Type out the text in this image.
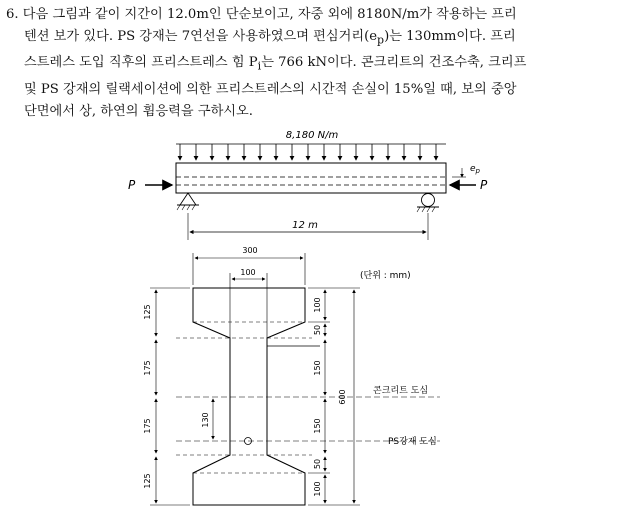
6. 다음 그림과 같이 지간이 12.0m인 단순보이고, 자중 외에 8180N/m가 작용하는 프리

텐션 보가 있다. PS 강재는 7연선을 사용하였으며 편심거리$(e_p)$는 130mm이다. 프리

스트레스 도입 직후의 프리스트레스 힘 $P_i$는 766 kN이다. 콘크리트의 건조수축, 크리프

및 PS 강재의 릴랙세이션에 의한 프리스트레스의 시간적 손실이 15%일 때, 보의 중앙

단면에서 상, 하연의 휨응력을 구하시오.

8,180 N/m
$e_p$
P	P
12 m
300
100
125
175
175
125
130
100
50
150
150
50
100
600
(단위 : mm)
콘크리트 도심
PS강재 도심
